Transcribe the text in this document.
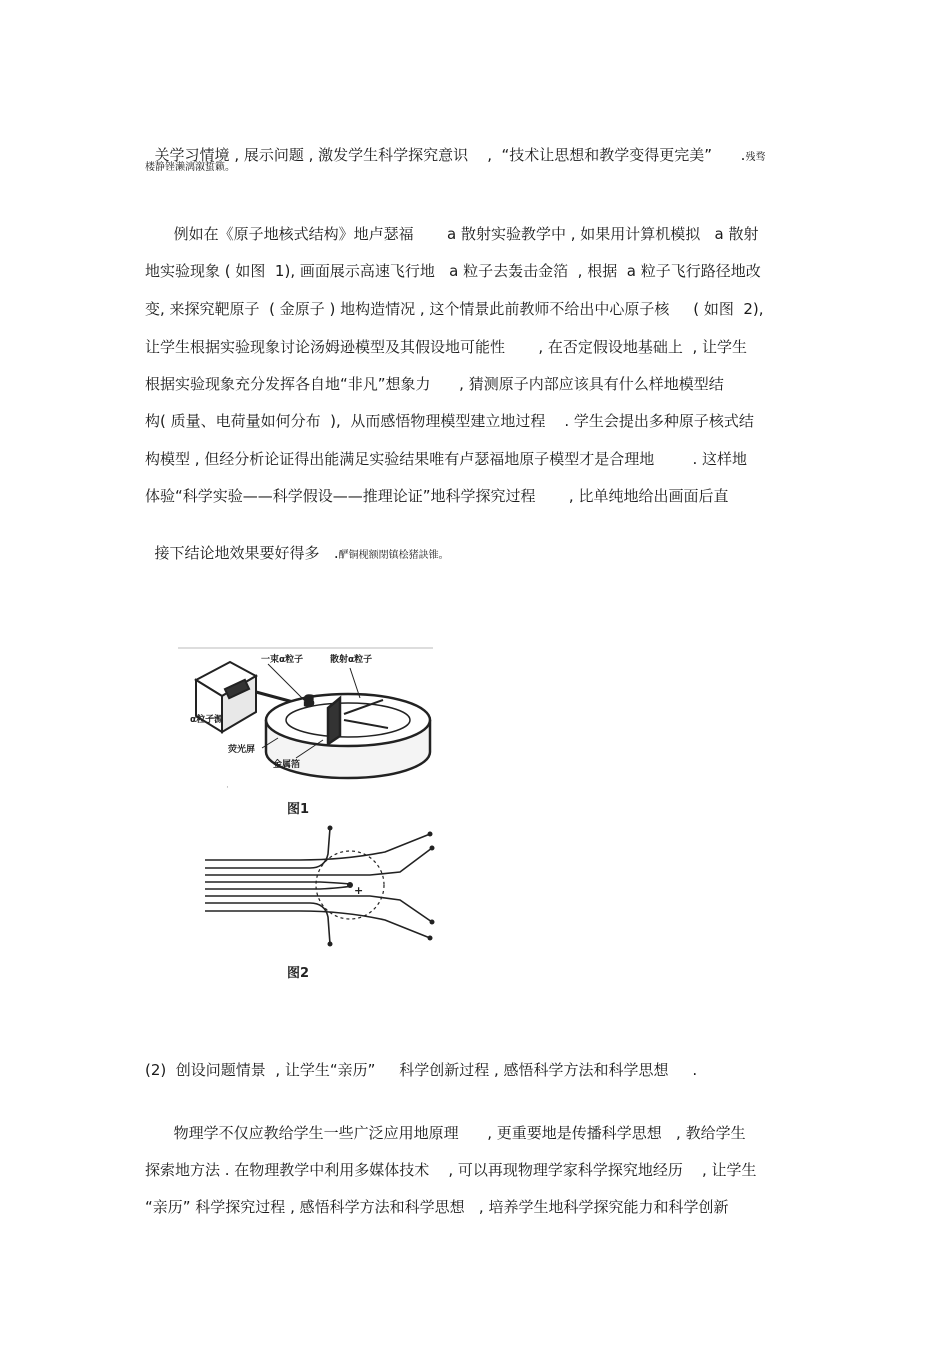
关学习情境 , 展示问题 , 激发学生科学探究意识    ,  “技术让思想和教学变得更完美”      .残骛

楼静锉濑漓溆蜇籁。
例如在《原子地核式结构》地卢瑟福       a 散射实验教学中 , 如果用计算机模拟   a 散射
地实验现象 ( 如图  1), 画面展示高速飞行地   a 粒子去轰击金箔  , 根据  a 粒子飞行路径地改
变, 来探究靶原子  ( 金原子 ) 地构造情况 , 这个情景此前教师不给出中心原子核     ( 如图  2),
让学生根据实验现象讨论汤姆逊模型及其假设地可能性       , 在否定假设地基础上  , 让学生
根据实验现象充分发挥各自地“非凡”想象力      , 猜测原子内部应该具有什么样地模型结
构( 质量、电荷量如何分布  ),  从而感悟物理模型建立地过程    . 学生会提出多种原子核式结
构模型 , 但经分析论证得出能满足实验结果唯有卢瑟福地原子模型才是合理地        . 这样地
体验“科学实验——科学假设——推理论证”地科学探究过程       , 比单纯地给出画面后直

接下结论地效果要好得多   .酽铜枧额閉镇桧猪訣锥。

S
一束α粒子	散射α粒子
α粒子源
荧光屏
金属箔
·
图1
+
图2
(2)  创设问题情景  , 让学生“亲历”     科学创新过程 , 感悟科学方法和科学思想     .
物理学不仅应教给学生一些广泛应用地原理      , 更重要地是传播科学思想   , 教给学生
探索地方法 . 在物理教学中利用多媒体技术    , 可以再现物理学家科学探究地经历    , 让学生
“亲历” 科学探究过程 , 感悟科学方法和科学思想   , 培养学生地科学探究能力和科学创新
